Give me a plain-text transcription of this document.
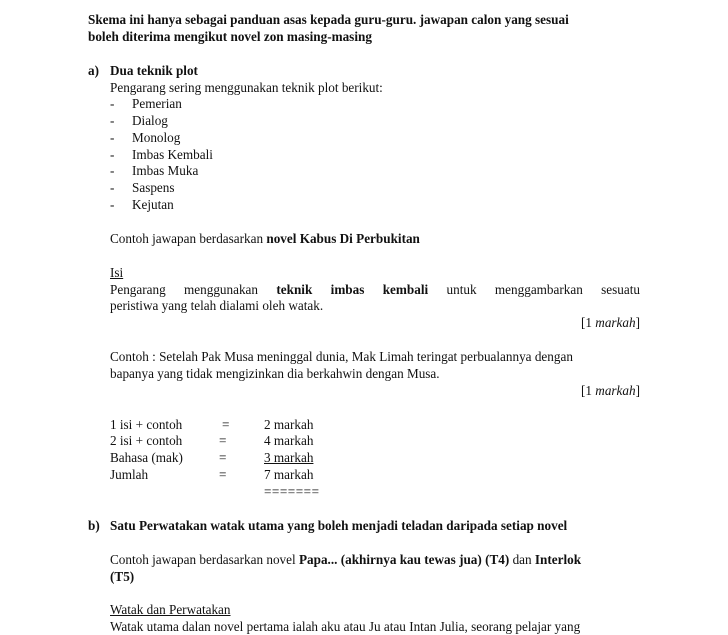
Skema ini hanya sebagai panduan asas kepada guru-guru. jawapan calon yang sesuai
boleh diterima mengikut novel zon masing-masing
a) Dua teknik plot
Pengarang sering menggunakan teknik plot berikut:
- Pemerian
- Dialog
- Monolog
- Imbas Kembali
- Imbas Muka
- Saspens
- Kejutan
Contoh jawapan berdasarkan novel Kabus Di Perbukitan
Isi
Pengarang menggunakan teknik imbas kembali untuk menggambarkan sesuatu
peristiwa yang telah dialami oleh watak.
[1 markah]
Contoh : Setelah Pak Musa meninggal dunia, Mak Limah teringat perbualannya dengan
bapanya yang tidak mengizinkan dia berkahwin dengan Musa.
[1 markah]
1 isi + contoh	=	2 markah
2 isi + contoh	=	4 markah
Bahasa (mak)	=	3 markah
Jumlah	=	7 markah
=======
b) Satu Perwatakan watak utama yang boleh menjadi teladan daripada setiap novel
Contoh jawapan berdasarkan novel Papa... (akhirnya kau tewas jua) (T4) dan Interlok
(T5)
Watak dan Perwatakan
Watak utama dalan novel pertama ialah aku atau Ju atau Intan Julia, seorang pelajar yang
